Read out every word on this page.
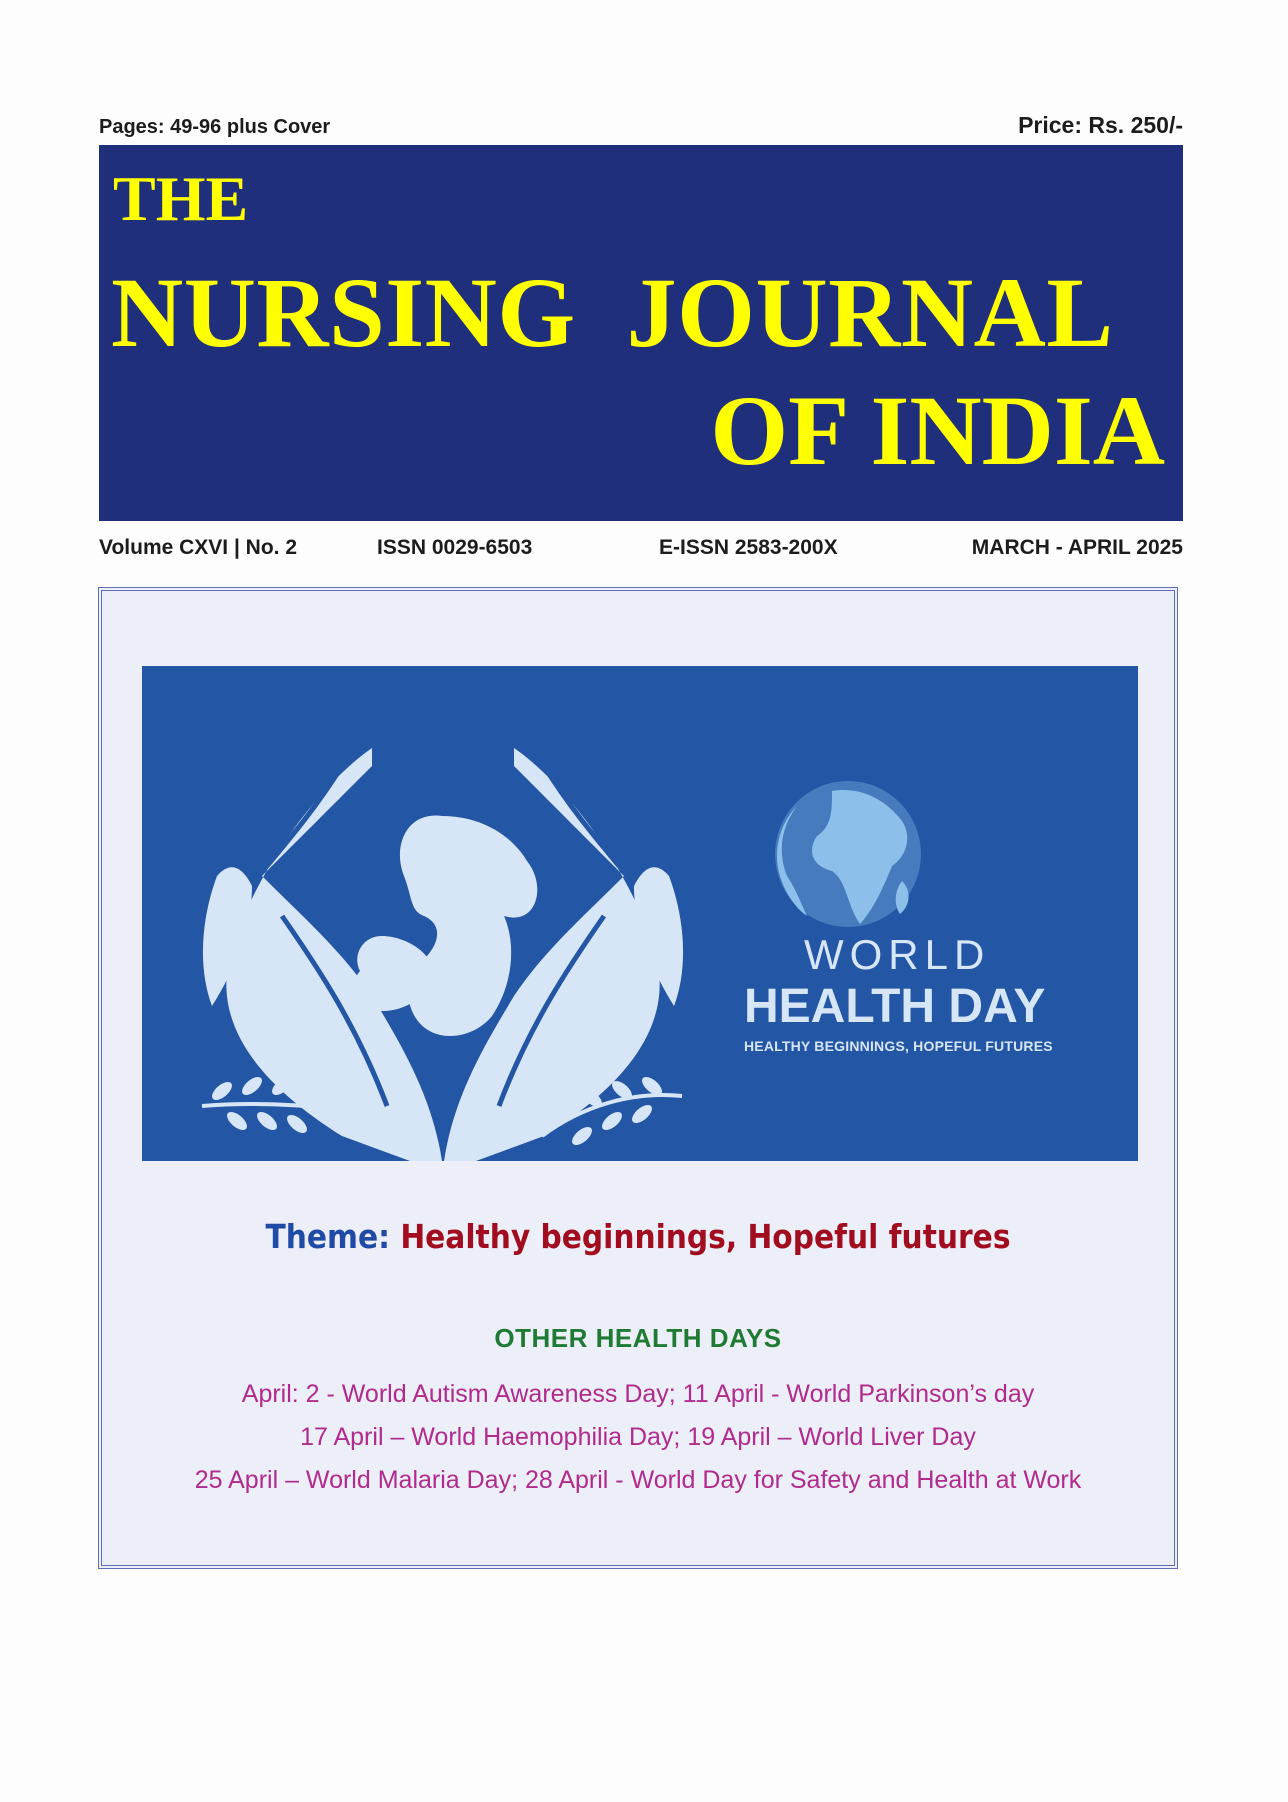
Pages: 49-96 plus Cover	Price: Rs. 250/-
THE
NURSING  JOURNAL
OF INDIA
Volume CXVI | No. 2	ISSN 0029-6503	E-ISSN 2583-200X	MARCH - APRIL 2025
WORLD
HEALTH DAY
HEALTHY BEGINNINGS, HOPEFUL FUTURES
Theme: Healthy beginnings, Hopeful futures
OTHER HEALTH DAYS
April: 2 - World Autism Awareness Day; 11 April - World Parkinson’s day
17 April – World Haemophilia Day; 19 April – World Liver Day
25 April – World Malaria Day; 28 April - World Day for Safety and Health at Work
